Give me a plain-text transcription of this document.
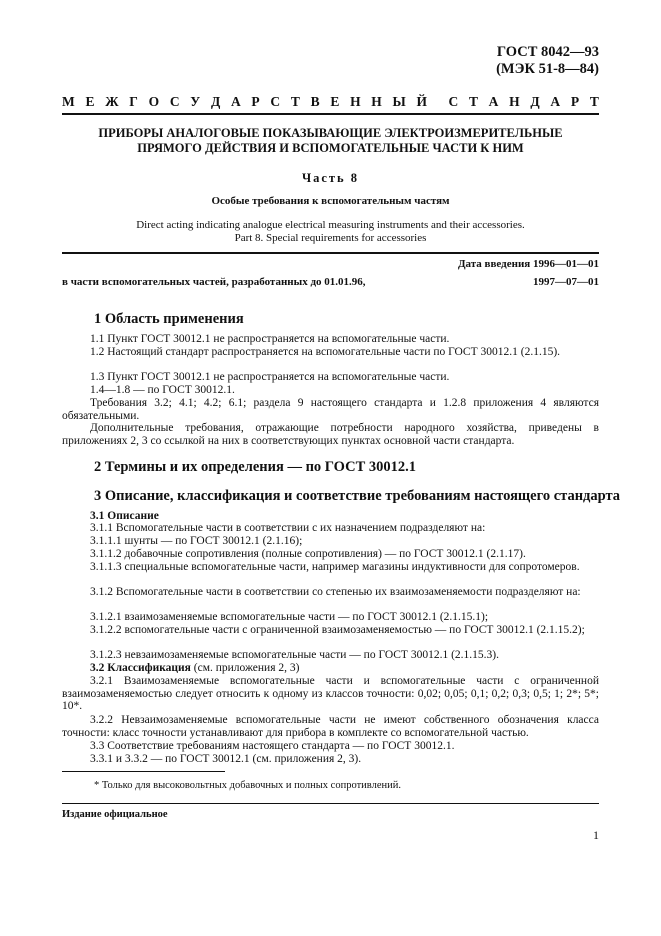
ГОСТ 8042—93
(МЭК 51-8—84)
М Е Ж Г О С У Д А Р С Т В Е Н Н Ы Й С Т А Н Д А Р Т
ПРИБОРЫ АНАЛОГОВЫЕ ПОКАЗЫВАЮЩИЕ ЭЛЕКТРОИЗМЕРИТЕЛЬНЫЕ
ПРЯМОГО ДЕЙСТВИЯ И ВСПОМОГАТЕЛЬНЫЕ ЧАСТИ К НИМ
Часть 8
Особые требования к вспомогательным частям
Direct acting indicating analogue electrical measuring instruments and their accessories.
Part 8. Special requirements for accessories
Дата введения 1996—01—01
в части вспомогательных частей, разработанных до 01.01.96,	1997—07—01
1 Область применения
1.1 Пункт ГОСТ 30012.1 не распространяется на вспомогательные части.
1.2 Настоящий стандарт распространяется на вспомогательные части по ГОСТ 30012.1 (2.1.15).
1.3 Пункт ГОСТ 30012.1 не распространяется на вспомогательные части.
1.4—1.8 — по ГОСТ 30012.1.
Требования 3.2; 4.1; 4.2; 6.1; раздела 9 настоящего стандарта и 1.2.8 приложения 4 являются обязательными.
Дополнительные требования, отражающие потребности народного хозяйства, приведены в приложениях 2, 3 со ссылкой на них в соответствующих пунктах основной части стандарта.
2 Термины и их определения — по ГОСТ 30012.1
3 Описание, классификация и соответствие требованиям настоящего стандарта
3.1 Описание
3.1.1 Вспомогательные части в соответствии с их назначением подразделяют на:
3.1.1.1 шунты — по ГОСТ 30012.1 (2.1.16);
3.1.1.2 добавочные сопротивления (полные сопротивления) — по ГОСТ 30012.1 (2.1.17).
3.1.1.3 специальные вспомогательные части, например магазины индуктивности для сопротомеров.
3.1.2 Вспомогательные части в соответствии со степенью их взаимозаменяемости подразделяют на:
3.1.2.1 взаимозаменяемые вспомогательные части — по ГОСТ 30012.1 (2.1.15.1);
3.1.2.2 вспомогательные части с ограниченной взаимозаменяемостью — по ГОСТ 30012.1 (2.1.15.2);
3.1.2.3 невзаимозаменяемые вспомогательные части — по ГОСТ 30012.1 (2.1.15.3).
3.2 Классификация (см. приложения 2, 3)
3.2.1 Взаимозаменяемые вспомогательные части и вспомогательные части с ограниченной взаимозаменяемостью следует относить к одному из классов точности: 0,02; 0,05; 0,1; 0,2; 0,3; 0,5; 1; 2*; 5*; 10*.
3.2.2 Невзаимозаменяемые вспомогательные части не имеют собственного обозначения класса точности: класс точности устанавливают для прибора в комплекте со вспомогательной частью.
3.3 Соответствие требованиям настоящего стандарта — по ГОСТ 30012.1.
3.3.1 и 3.3.2 — по ГОСТ 30012.1 (см. приложения 2, 3).
* Только для высоковольтных добавочных и полных сопротивлений.
Издание официальное
1
